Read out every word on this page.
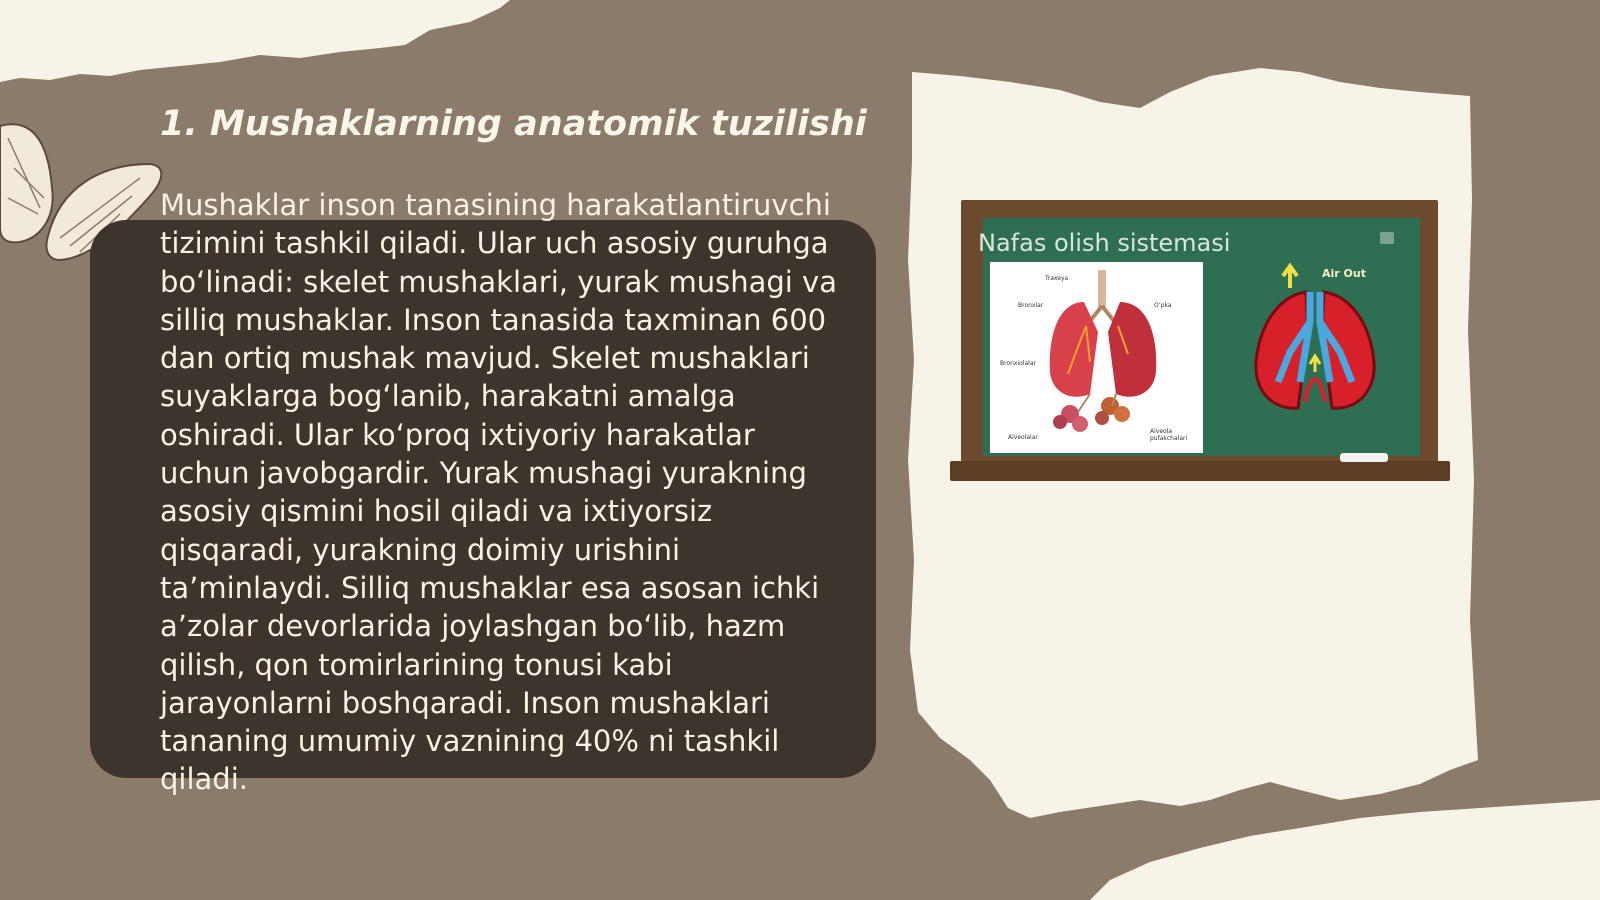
1. Mushaklarning anatomik tuzilishi
Mushaklar inson tanasining harakatlantiruvchi tizimini tashkil qiladi. Ular uch asosiy guruhga bo‘linadi: skelet mushaklari, yurak mushagi va silliq mushaklar. Inson tanasida taxminan 600 dan ortiq mushak mavjud. Skelet mushaklari suyaklarga bog‘lanib, harakatni amalga oshiradi. Ular ko‘proq ixtiyoriy harakatlar uchun javobgardir. Yurak mushagi yurakning asosiy qismini hosil qiladi va ixtiyorsiz qisqaradi, yurakning doimiy urishini ta’minlaydi. Silliq mushaklar esa asosan ichki a’zolar devorlarida joylashgan bo‘lib, hazm qilish, qon tomirlarining tonusi kabi jarayonlarni boshqaradi. Inson mushaklari tananing umumiy vaznining 40% ni tashkil qiladi.
Nafas olish sistemasi
Traxeya
Bronxlar	O‘pka
Bronxiolalar
Alveolalar
Alveola pufakchalari
Air Out
